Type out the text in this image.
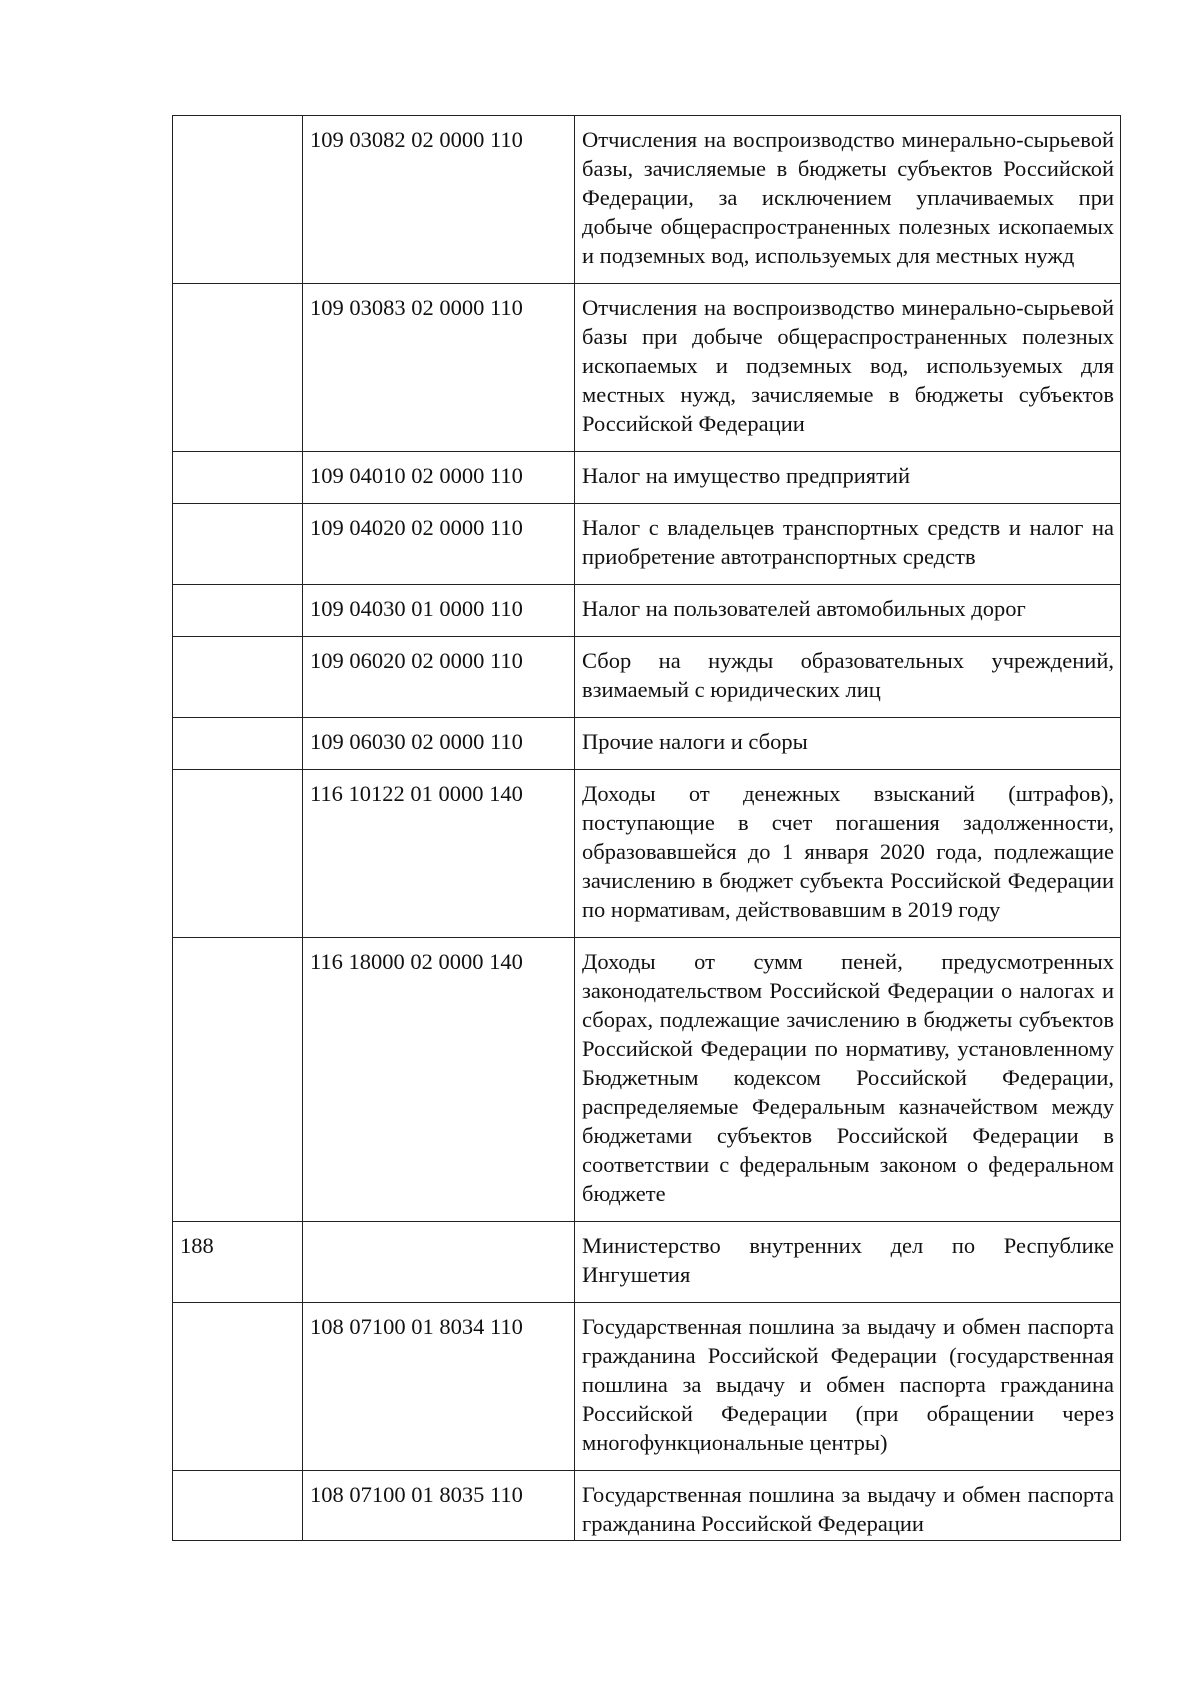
	109 03082 02 0000 110	Отчисления на воспроизводство минерально-сырьевой базы, зачисляемые в бюджеты субъектов Российской Федерации, за исключением уплачиваемых при добыче общераспространенных полезных ископаемых и подземных вод, используемых для местных нужд
	109 03083 02 0000 110	Отчисления на воспроизводство минерально-сырьевой базы при добыче общераспространенных полезных ископаемых и подземных вод, используемых для местных нужд, зачисляемые в бюджеты субъектов Российской Федерации
	109 04010 02 0000 110	Налог на имущество предприятий
	109 04020 02 0000 110	Налог с владельцев транспортных средств и налог на приобретение автотранспортных средств
	109 04030 01 0000 110	Налог на пользователей автомобильных дорог
	109 06020 02 0000 110	Сбор на нужды образовательных учреждений, взимаемый с юридических лиц
	109 06030 02 0000 110	Прочие налоги и сборы
	116 10122 01 0000 140	Доходы от денежных взысканий (штрафов), поступающие в счет погашения задолженности, образовавшейся до 1 января 2020 года, подлежащие зачислению в бюджет субъекта Российской Федерации по нормативам, действовавшим в 2019 году
	116 18000 02 0000 140	Доходы от сумм пеней, предусмотренных законодательством Российской Федерации о налогах и сборах, подлежащие зачислению в бюджеты субъектов Российской Федерации по нормативу, установленному Бюджетным кодексом Российской Федерации, распределяемые Федеральным казначейством между бюджетами субъектов Российской Федерации в соответствии с федеральным законом о федеральном бюджете
188		Министерство внутренних дел по Республике Ингушетия
	108 07100 01 8034 110	Государственная пошлина за выдачу и обмен паспорта гражданина Российской Федерации (государственная пошлина за выдачу и обмен паспорта гражданина Российской Федерации (при обращении через многофункциональные центры)
	108 07100 01 8035 110	Государственная пошлина за выдачу и обмен паспорта гражданина Российской Федерации
